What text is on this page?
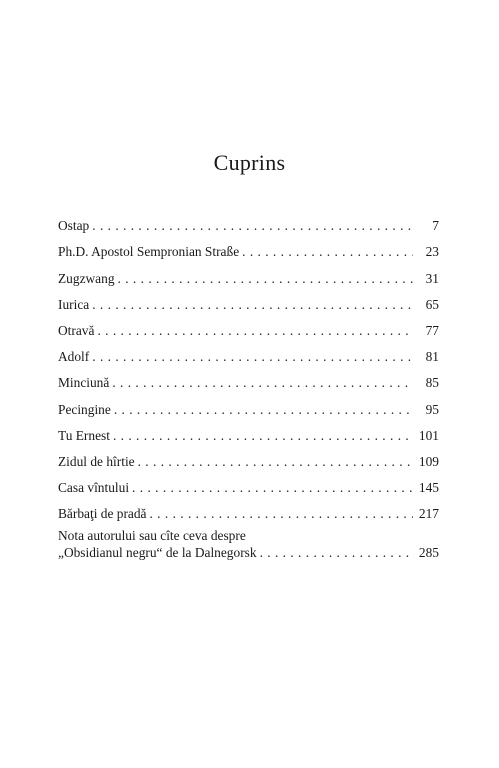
Cuprins
Ostap . . .	7
Ph.D. Apostol Sempronian Straße . . .	23
Zugzwang . . .	31
Iurica . . .	65
Otravă . . .	77
Adolf . . .	81
Minciună . . .	85
Pecingine . . .	95
Tu Ernest . . .	101
Zidul de hîrtie . . .	109
Casa vîntului . . .	145
Bărbaţi de pradă . . .	217
Nota autorului sau cîte ceva despre
„Obsidianul negru“ de la Dalnegorsk . . .	285
